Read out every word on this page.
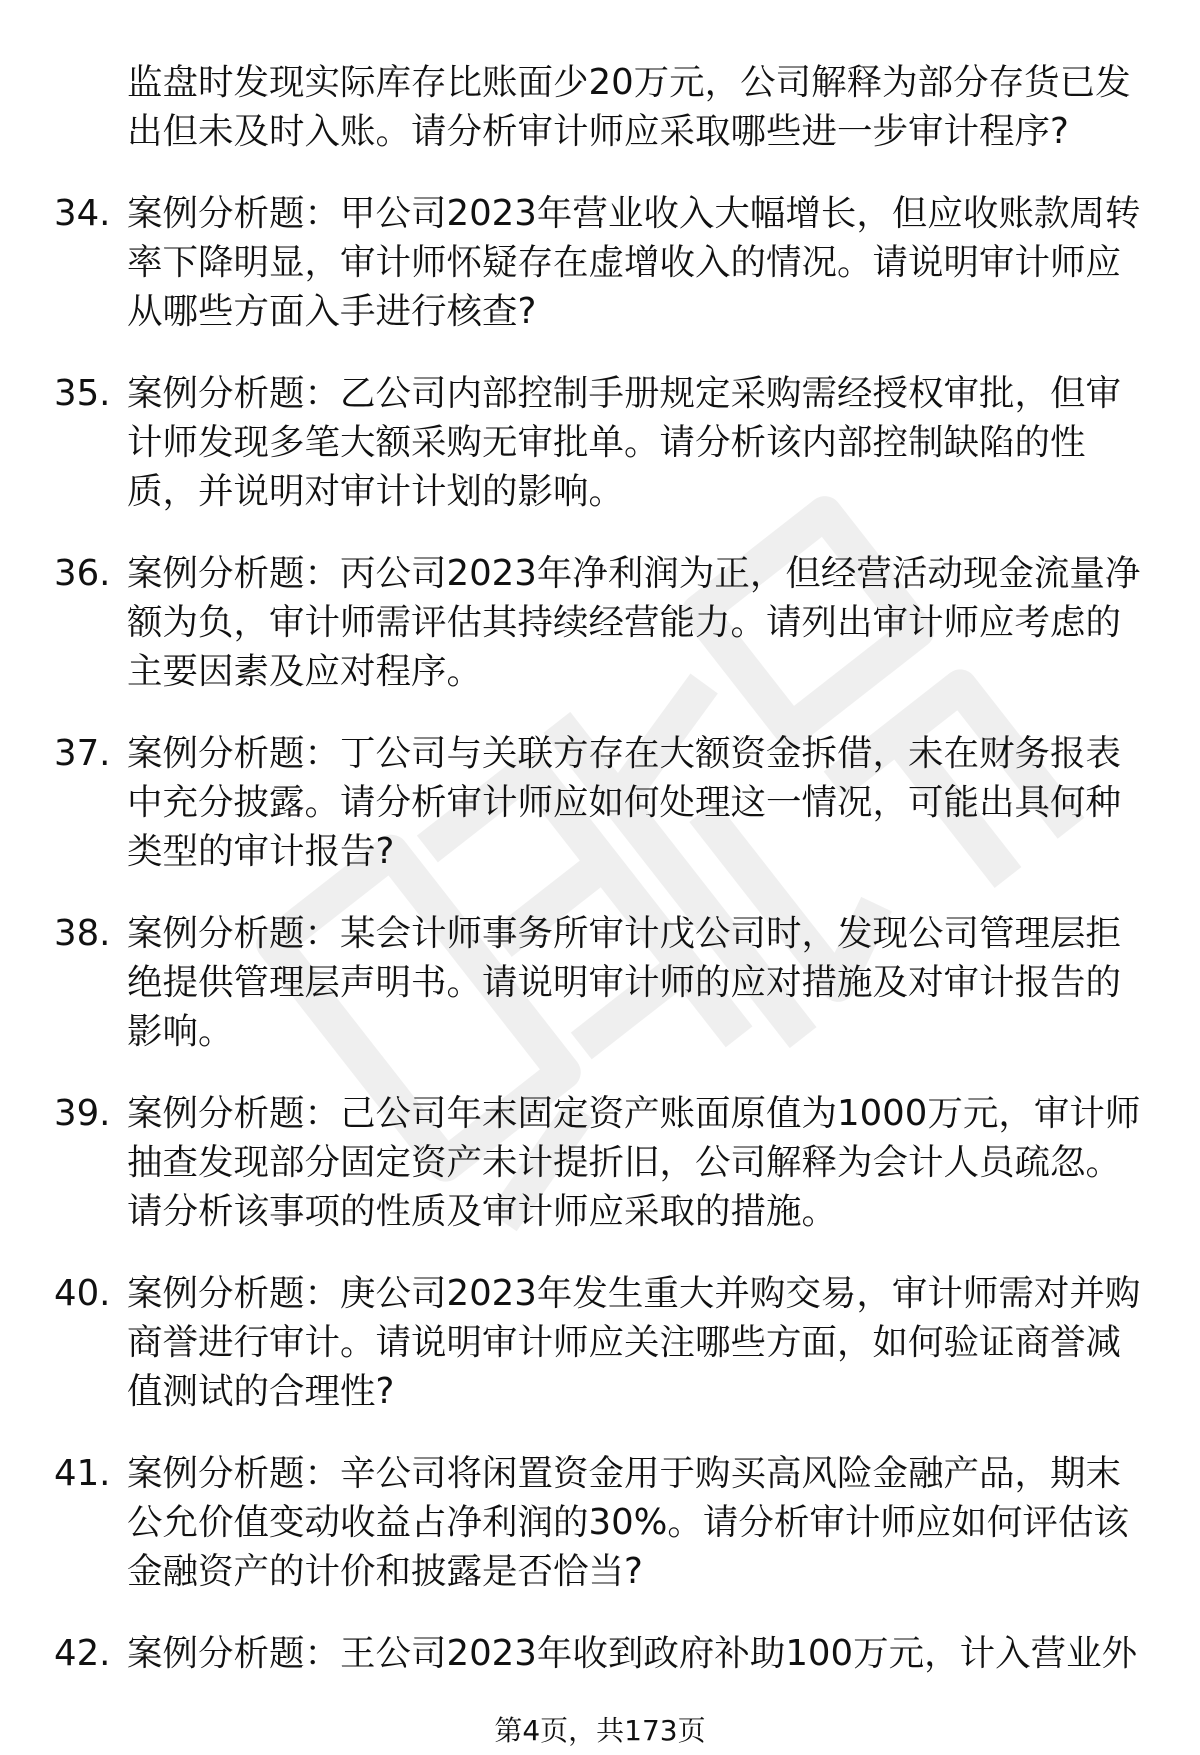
监盘时发现实际库存比账面少20万元，公司解释为部分存货已发出但未及时入账。请分析审计师应采取哪些进一步审计程序?
34. 案例分析题：甲公司2023年营业收入大幅增长，但应收账款周转率下降明显，审计师怀疑存在虚增收入的情况。请说明审计师应从哪些方面入手进行核查?
35. 案例分析题：乙公司内部控制手册规定采购需经授权审批，但审计师发现多笔大额采购无审批单。请分析该内部控制缺陷的性质，并说明对审计计划的影响。
36. 案例分析题：丙公司2023年净利润为正，但经营活动现金流量净额为负，审计师需评估其持续经营能力。请列出审计师应考虑的主要因素及应对程序。
37. 案例分析题：丁公司与关联方存在大额资金拆借，未在财务报表中充分披露。请分析审计师应如何处理这一情况，可能出具何种类型的审计报告?
38. 案例分析题：某会计师事务所审计戊公司时，发现公司管理层拒绝提供管理层声明书。请说明审计师的应对措施及对审计报告的影响。
39. 案例分析题：己公司年末固定资产账面原值为1000万元，审计师抽查发现部分固定资产未计提折旧，公司解释为会计人员疏忽。请分析该事项的性质及审计师应采取的措施。
40. 案例分析题：庚公司2023年发生重大并购交易，审计师需对并购商誉进行审计。请说明审计师应关注哪些方面，如何验证商誉减值测试的合理性?
41. 案例分析题：辛公司将闲置资金用于购买高风险金融产品，期末公允价值变动收益占净利润的30%。请分析审计师应如何评估该金融资产的计价和披露是否恰当?
42. 案例分析题：王公司2023年收到政府补助100万元，计入营业外
第4页，共173页
